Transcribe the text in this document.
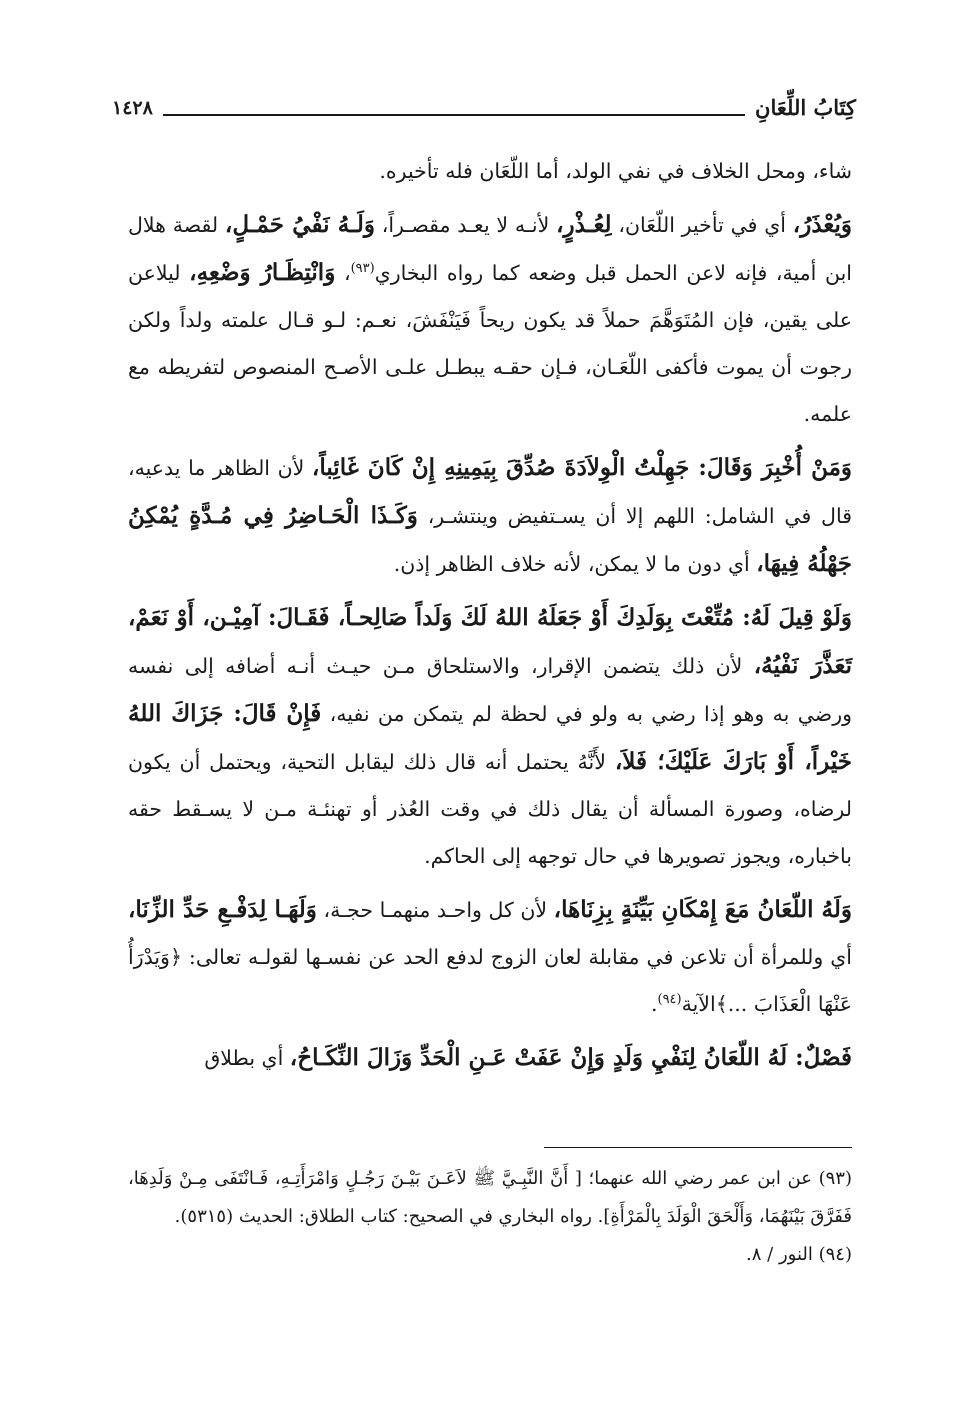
كِتَابُ اللِّعَانِ
١٤٢٨

شاء، ومحل الخلاف في نفي الولد، أما اللّعَان فله تأخيره.

وَيُعْذَرُ، أي في تأخير اللّعَان، لِعُـذْرٍ، لأنـه لا يعـد مقصـراً، وَلَـهُ نَفْيُ حَمْـلٍ، لقصة هلال ابن أمية، فإنه لاعن الحمل قبل وضعه كما رواه البخاري$^{(٩٣)}$، وَانْتِظَـارُ وَضْعِهِ، ليلاعن على يقين، فإن المُتَوَهَّمَ حملاً قد يكون ريحاً فَيَنْفَشَ، نعـم: لـو قـال علمته ولداً ولكن رجوت أن يموت فأكفى اللّعَـان، فـإن حقـه يبطـل علـى الأصـح المنصوص لتفريطه مع علمه.

وَمَنْ أُخْبِرَ وَقَالَ: جَهِلْتُ الْوِلاَدَةَ صُدِّقَ بِيَمِينِهِ إِنْ كَانَ غَائِباً، لأن الظاهر ما يدعيه، قال في الشامل: اللهم إلا أن يسـتفيض وينتشـر، وَكَـذَا الْحَـاضِرُ فِي مُـدَّةٍ يُمْكِنُ جَهْلُهُ فِيهَا، أي دون ما لا يمكن، لأنه خلاف الظاهر إذن.

وَلَوْ قِيلَ لَهُ: مُتِّعْتَ بِوَلَدِكَ أَوْ جَعَلَهُ اللهُ لَكَ وَلَداً صَالِحـاً، فَقَـالَ: آمِيْـن، أَوْ نَعَمْ، تَعَذَّرَ نَفْيُهُ، لأن ذلك يتضمن الإقرار، والاستلحاق مـن حيـث أنـه أضافه إلى نفسه ورضي به وهو إذا رضي به ولو في لحظة لم يتمكن من نفيه، فَإِنْ قَالَ: جَزَاكَ اللهُ خَيْراً، أَوْ بَارَكَ عَلَيْكَ؛ فَلاَ، لأَنَّهُ يحتمل أنه قال ذلك ليقابل التحية، ويحتمل أن يكون لرضاه، وصورة المسألة أن يقال ذلك في وقت العُذر أو تهنئـة مـن لا يسـقط حقه باخباره، ويجوز تصويرها في حال توجهه إلى الحاكم.

وَلَهُ اللّعَانُ مَعَ إِمْكَانِ بَيِّنَةٍ بِزِنَاهَا، لأن كل واحـد منهمـا حجـة، وَلَهَـا لِدَفْـعِ حَدِّ الزِّنَا، أي وللمرأة أن تلاعن في مقابلة لعان الزوج لدفع الحد عن نفسـها لقولـه تعالى: ﴿وَيَدْرَأُ عَنْهَا الْعَذَابَ ...﴾الآية$^{(٩٤)}$.

فَصْلٌ: لَهُ اللّعَانُ لِنَفْيِ وَلَدٍ وَإِنْ عَفَتْ عَـنِ الْحَدِّ وَزَالَ النِّكَـاحُ، أي بطلاق

(٩٣) عن ابن عمر رضي الله عنهما؛ [ أَنَّ النَّبِـيَّ ﷺ لاَعَـنَ بَيْـنَ رَجُـلٍ وَامْرَأَتِـهِ، فَـانْتَفَى مِـنْ وَلَدِهَا، فَفَرَّقَ بَيْنَهُمَا، وَأَلْحَقَ الْوَلَدَ بِالْمَرْأَةِ]. رواه البخاري في الصحيح: كتاب الطلاق: الحديث (٥٣١٥).

(٩٤) النور / ٨.
